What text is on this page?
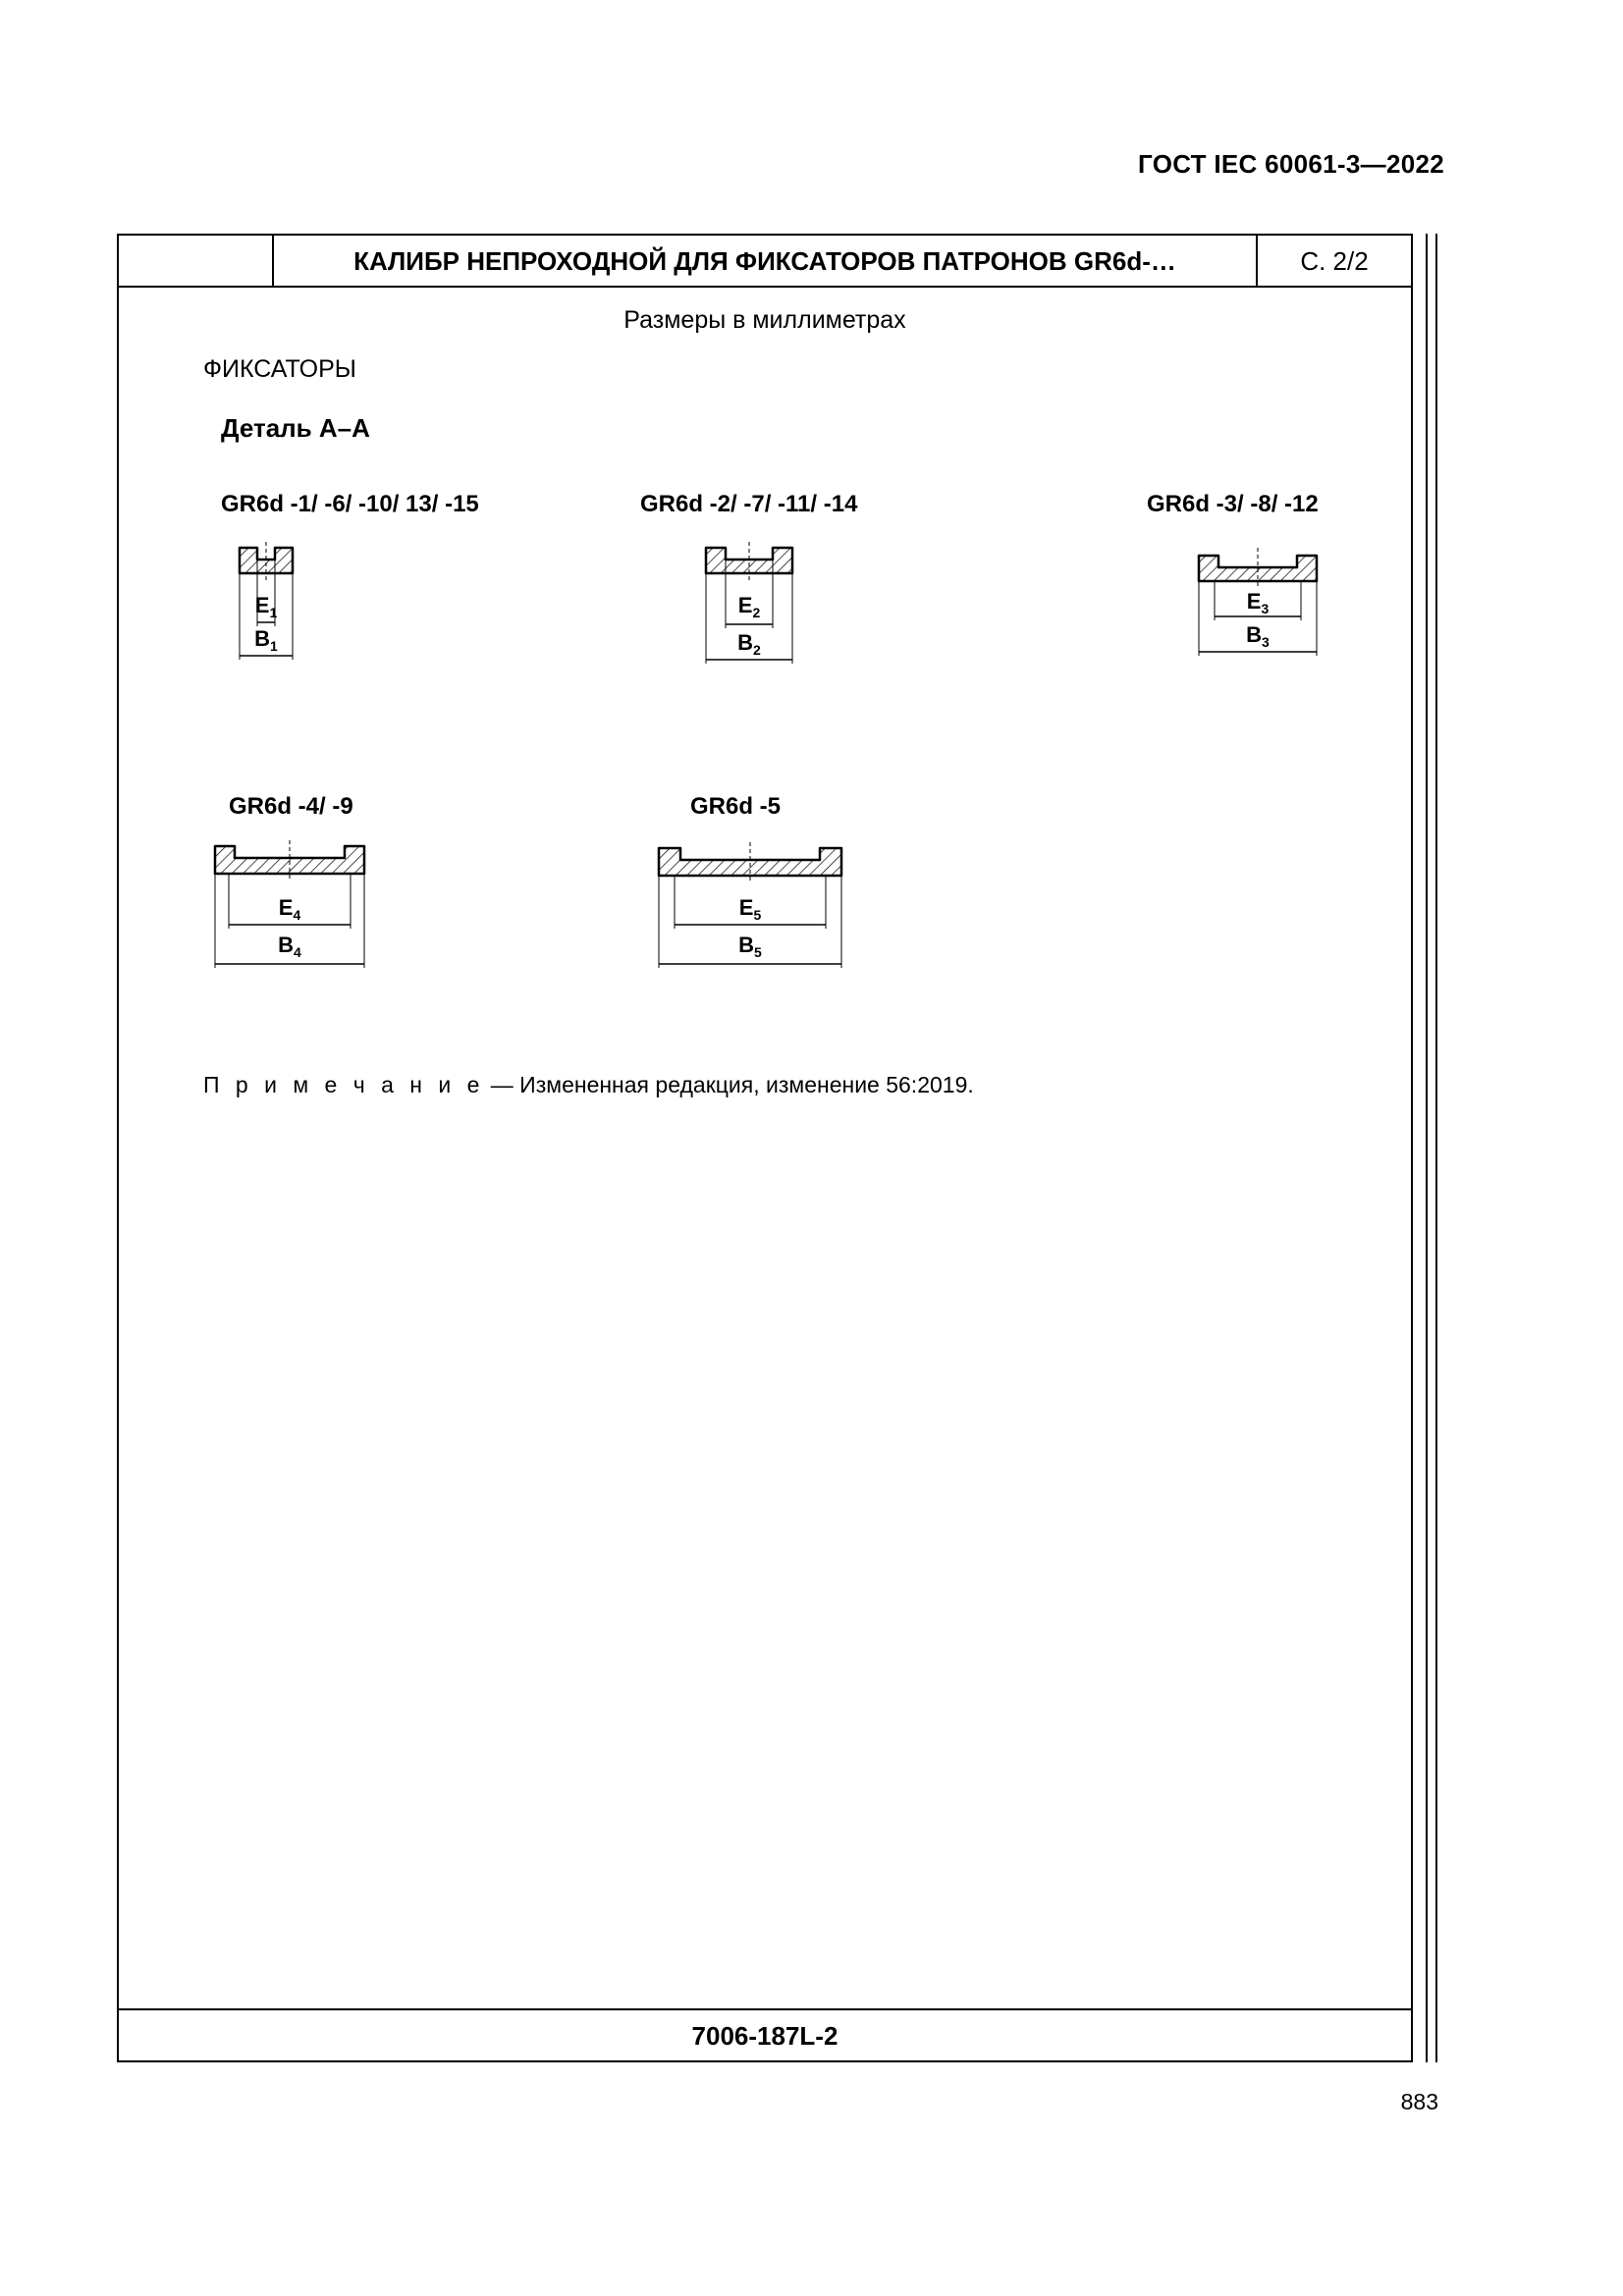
ГОСТ IEC 60061-3—2022
КАЛИБР НЕПРОХОДНОЙ ДЛЯ ФИКСАТОРОВ ПАТРОНОВ GR6d-…	С. 2/2
Размеры в миллиметрах
ФИКСАТОРЫ
Деталь А–А
GR6d -1/ -6/ -10/ 13/ -15
$E_1$
$B_1$
GR6d -2/ -7/ -11/ -14
$E_2$
$B_2$
GR6d -3/ -8/ -12
$E_3$
$B_3$
GR6d -4/ -9
$E_4$
$B_4$
GR6d -5
$E_5$
$B_5$
П р и м е ч а н и е — Измененная редакция, изменение 56:2019.
7006-187L-2
883
